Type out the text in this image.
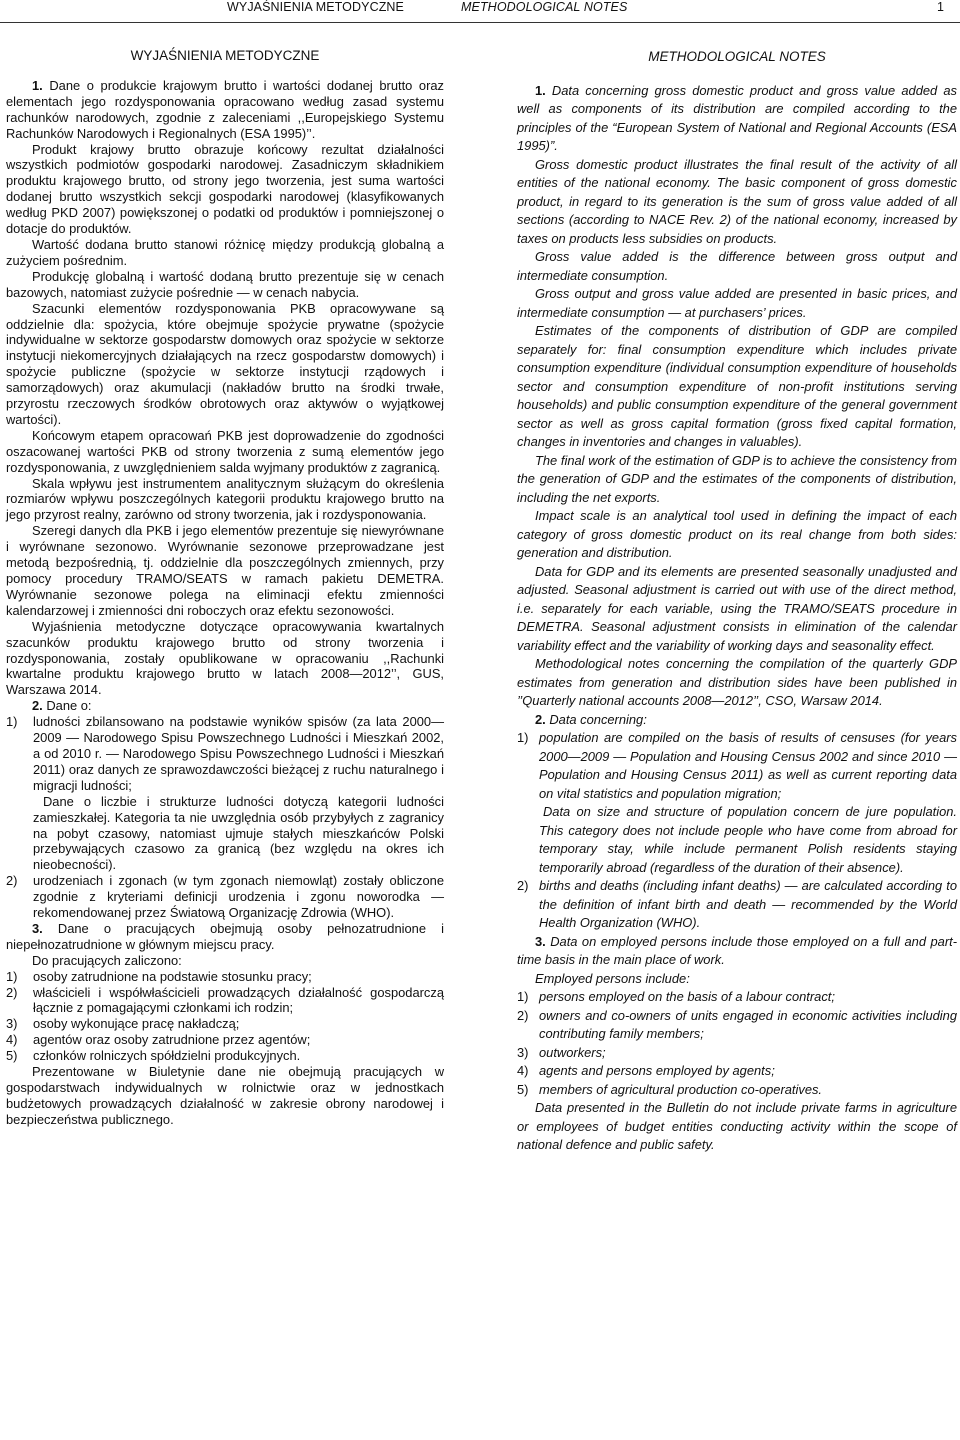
WYJAŚNIENIA METODYCZNE	METHODOLOGICAL NOTES	1

WYJAŚNIENIA METODYCZNE

1. Dane o produkcie krajowym brutto i wartości dodanej brutto oraz elementach jego rozdysponowania opracowano według zasad systemu rachunków narodowych, zgodnie z zaleceniami ,,Europejskiego Systemu Rachunków Narodowych i Regionalnych (ESA 1995)’’.

Produkt krajowy brutto obrazuje końcowy rezultat działalności wszystkich podmiotów gospodarki narodowej. Zasadniczym składnikiem produktu krajowego brutto, od strony jego tworzenia, jest suma wartości dodanej brutto wszystkich sekcji gospodarki narodowej (klasyfikowanych według PKD 2007) powiększonej o podatki od produktów i pomniejszonej o dotacje do produktów.

Wartość dodana brutto stanowi różnicę między produkcją globalną a zużyciem pośrednim.

Produkcję globalną i wartość dodaną brutto prezentuje się w cenach bazowych, natomiast zużycie pośrednie — w cenach nabycia.

Szacunki elementów rozdysponowania PKB opracowywane są oddzielnie dla: spożycia, które obejmuje spożycie prywatne (spożycie indywidualne w sektorze gospodarstw domowych oraz spożycie w sektorze instytucji niekomercyjnych działających na rzecz gospodarstw domowych) i spożycie publiczne (spożycie w sektorze instytucji rządowych i samorządowych) oraz akumulacji (nakładów brutto na środki trwałe, przyrostu rzeczowych środków obrotowych oraz aktywów o wyjątkowej wartości).

Końcowym etapem opracowań PKB jest doprowadzenie do zgodności oszacowanej wartości PKB od strony tworzenia z sumą elementów jego rozdysponowania, z uwzględnieniem salda wyjmany produktów z zagranicą.

Skala wpływu jest instrumentem analitycznym służącym do określenia rozmiarów wpływu poszczególnych kategorii produktu krajowego brutto na jego przyrost realny, zarówno od strony tworzenia, jak i rozdysponowania.

Szeregi danych dla PKB i jego elementów prezentuje się niewyrównane i wyrównane sezonowo. Wyrównanie sezonowe przeprowadzane jest metodą bezpośrednią, tj. oddzielnie dla poszczególnych zmiennych, przy pomocy procedury TRAMO/SEATS w ramach pakietu DEMETRA. Wyrównanie sezonowe polega na eliminacji efektu zmienności kalendarzowej i zmienności dni roboczych oraz efektu sezonowości.

Wyjaśnienia metodyczne dotyczące opracowywania kwartalnych szacunków produktu krajowego brutto od strony tworzenia i rozdysponowania, zostały opublikowane w opracowaniu ,,Rachunki kwartalne produktu krajowego brutto w latach 2008—2012’’, GUS, Warszawa 2014.

2. Dane o:

1) ludności zbilansowano na podstawie wyników spisów (za lata 2000—2009 — Narodowego Spisu Powszechnego Ludności i Mieszkań 2002, a od 2010 r. — Narodowego Spisu Powszechnego Ludności i Mieszkań 2011) oraz danych ze sprawozdawczości bieżącej z ruchu naturalnego i migracji ludności;

Dane o liczbie i strukturze ludności dotyczą kategorii ludności zamieszkałej. Kategoria ta nie uwzględnia osób przybyłych z zagranicy na pobyt czasowy, natomiast ujmuje stałych mieszkańców Polski przebywających czasowo za granicą (bez względu na okres ich nieobecności).

2) urodzeniach i zgonach (w tym zgonach niemowląt) zostały obliczone zgodnie z kryteriami definicji urodzenia i zgonu noworodka — rekomendowanej przez Światową Organizację Zdrowia (WHO).

3. Dane o pracujących obejmują osoby pełnozatrudnione i niepełnozatrudnione w głównym miejscu pracy.

Do pracujących zaliczono:

1) osoby zatrudnione na podstawie stosunku pracy;

2) właścicieli i współwłaścicieli prowadzących działalność gospodarczą łącznie z pomagającymi członkami ich rodzin;

3) osoby wykonujące pracę nakładczą;

4) agentów oraz osoby zatrudnione przez agentów;

5) członków rolniczych spółdzielni produkcyjnych.

Prezentowane w Biuletynie dane nie obejmują pracujących w gospodarstwach indywidualnych w rolnictwie oraz w jednostkach budżetowych prowadzących działalność w zakresie obrony narodowej i bezpieczeństwa publicznego.

METHODOLOGICAL NOTES

1. Data concerning gross domestic product and gross value added as well as components of its distribution are compiled according to the principles of the “European System of National and Regional Accounts (ESA 1995)”.

Gross domestic product illustrates the final result of the activity of all entities of the national economy. The basic component of gross domestic product, in regard to its generation is the sum of gross value added of all sections (according to NACE Rev. 2) of the national economy, increased by taxes on products less subsidies on products.

Gross value added is the difference between gross output and intermediate consumption.

Gross output and gross value added are presented in basic prices, and intermediate consumption — at purchasers’ prices.

Estimates of the components of distribution of GDP are compiled separately for: final consumption expenditure which includes private consumption expenditure (individual consumption expenditure of households sector and consumption expenditure of non-profit institutions serving households) and public consumption expenditure of the general government sector as well as gross capital formation (gross fixed capital formation, changes in inventories and changes in valuables).

The final work of the estimation of GDP is to achieve the consistency from the generation of GDP and the estimates of the components of distribution, including the net exports.

Impact scale is an analytical tool used in defining the impact of each category of gross domestic product on its real change from both sides: generation and distribution.

Data for GDP and its elements are presented seasonally unadjusted and adjusted. Seasonal adjustment is carried out with use of the direct method, i.e. separately for each variable, using the TRAMO/SEATS procedure in DEMETRA. Seasonal adjustment consists in elimination of the calendar variability effect and the variability of working days and seasonality effect.

Methodological notes concerning the compilation of the quarterly GDP estimates from generation and distribution sides have been published in ’’Quarterly national accounts 2008—2012’’, CSO, Warsaw 2014.

2. Data concerning:

1) population are compiled on the basis of results of censuses (for years 2000—2009 — Population and Housing Census 2002 and since 2010 — Population and Housing Census 2011) as well as current reporting data on vital statistics and population migration;

Data on size and structure of population concern de jure population. This category does not include people who have come from abroad for temporary stay, while include permanent Polish residents staying temporarily abroad (regardless of the duration of their absence).

2) births and deaths (including infant deaths) — are calculated according to the definition of infant birth and death — recommended by the World Health Organization (WHO).

3. Data on employed persons include those employed on a full and part-time basis in the main place of work.

Employed persons include:

1) persons employed on the basis of a labour contract;

2) owners and co-owners of units engaged in economic activities including contributing family members;

3) outworkers;

4) agents and persons employed by agents;

5) members of agricultural production co-operatives.

Data presented in the Bulletin do not include private farms in agriculture or employees of budget entities conducting activity within the scope of national defence and public safety.
